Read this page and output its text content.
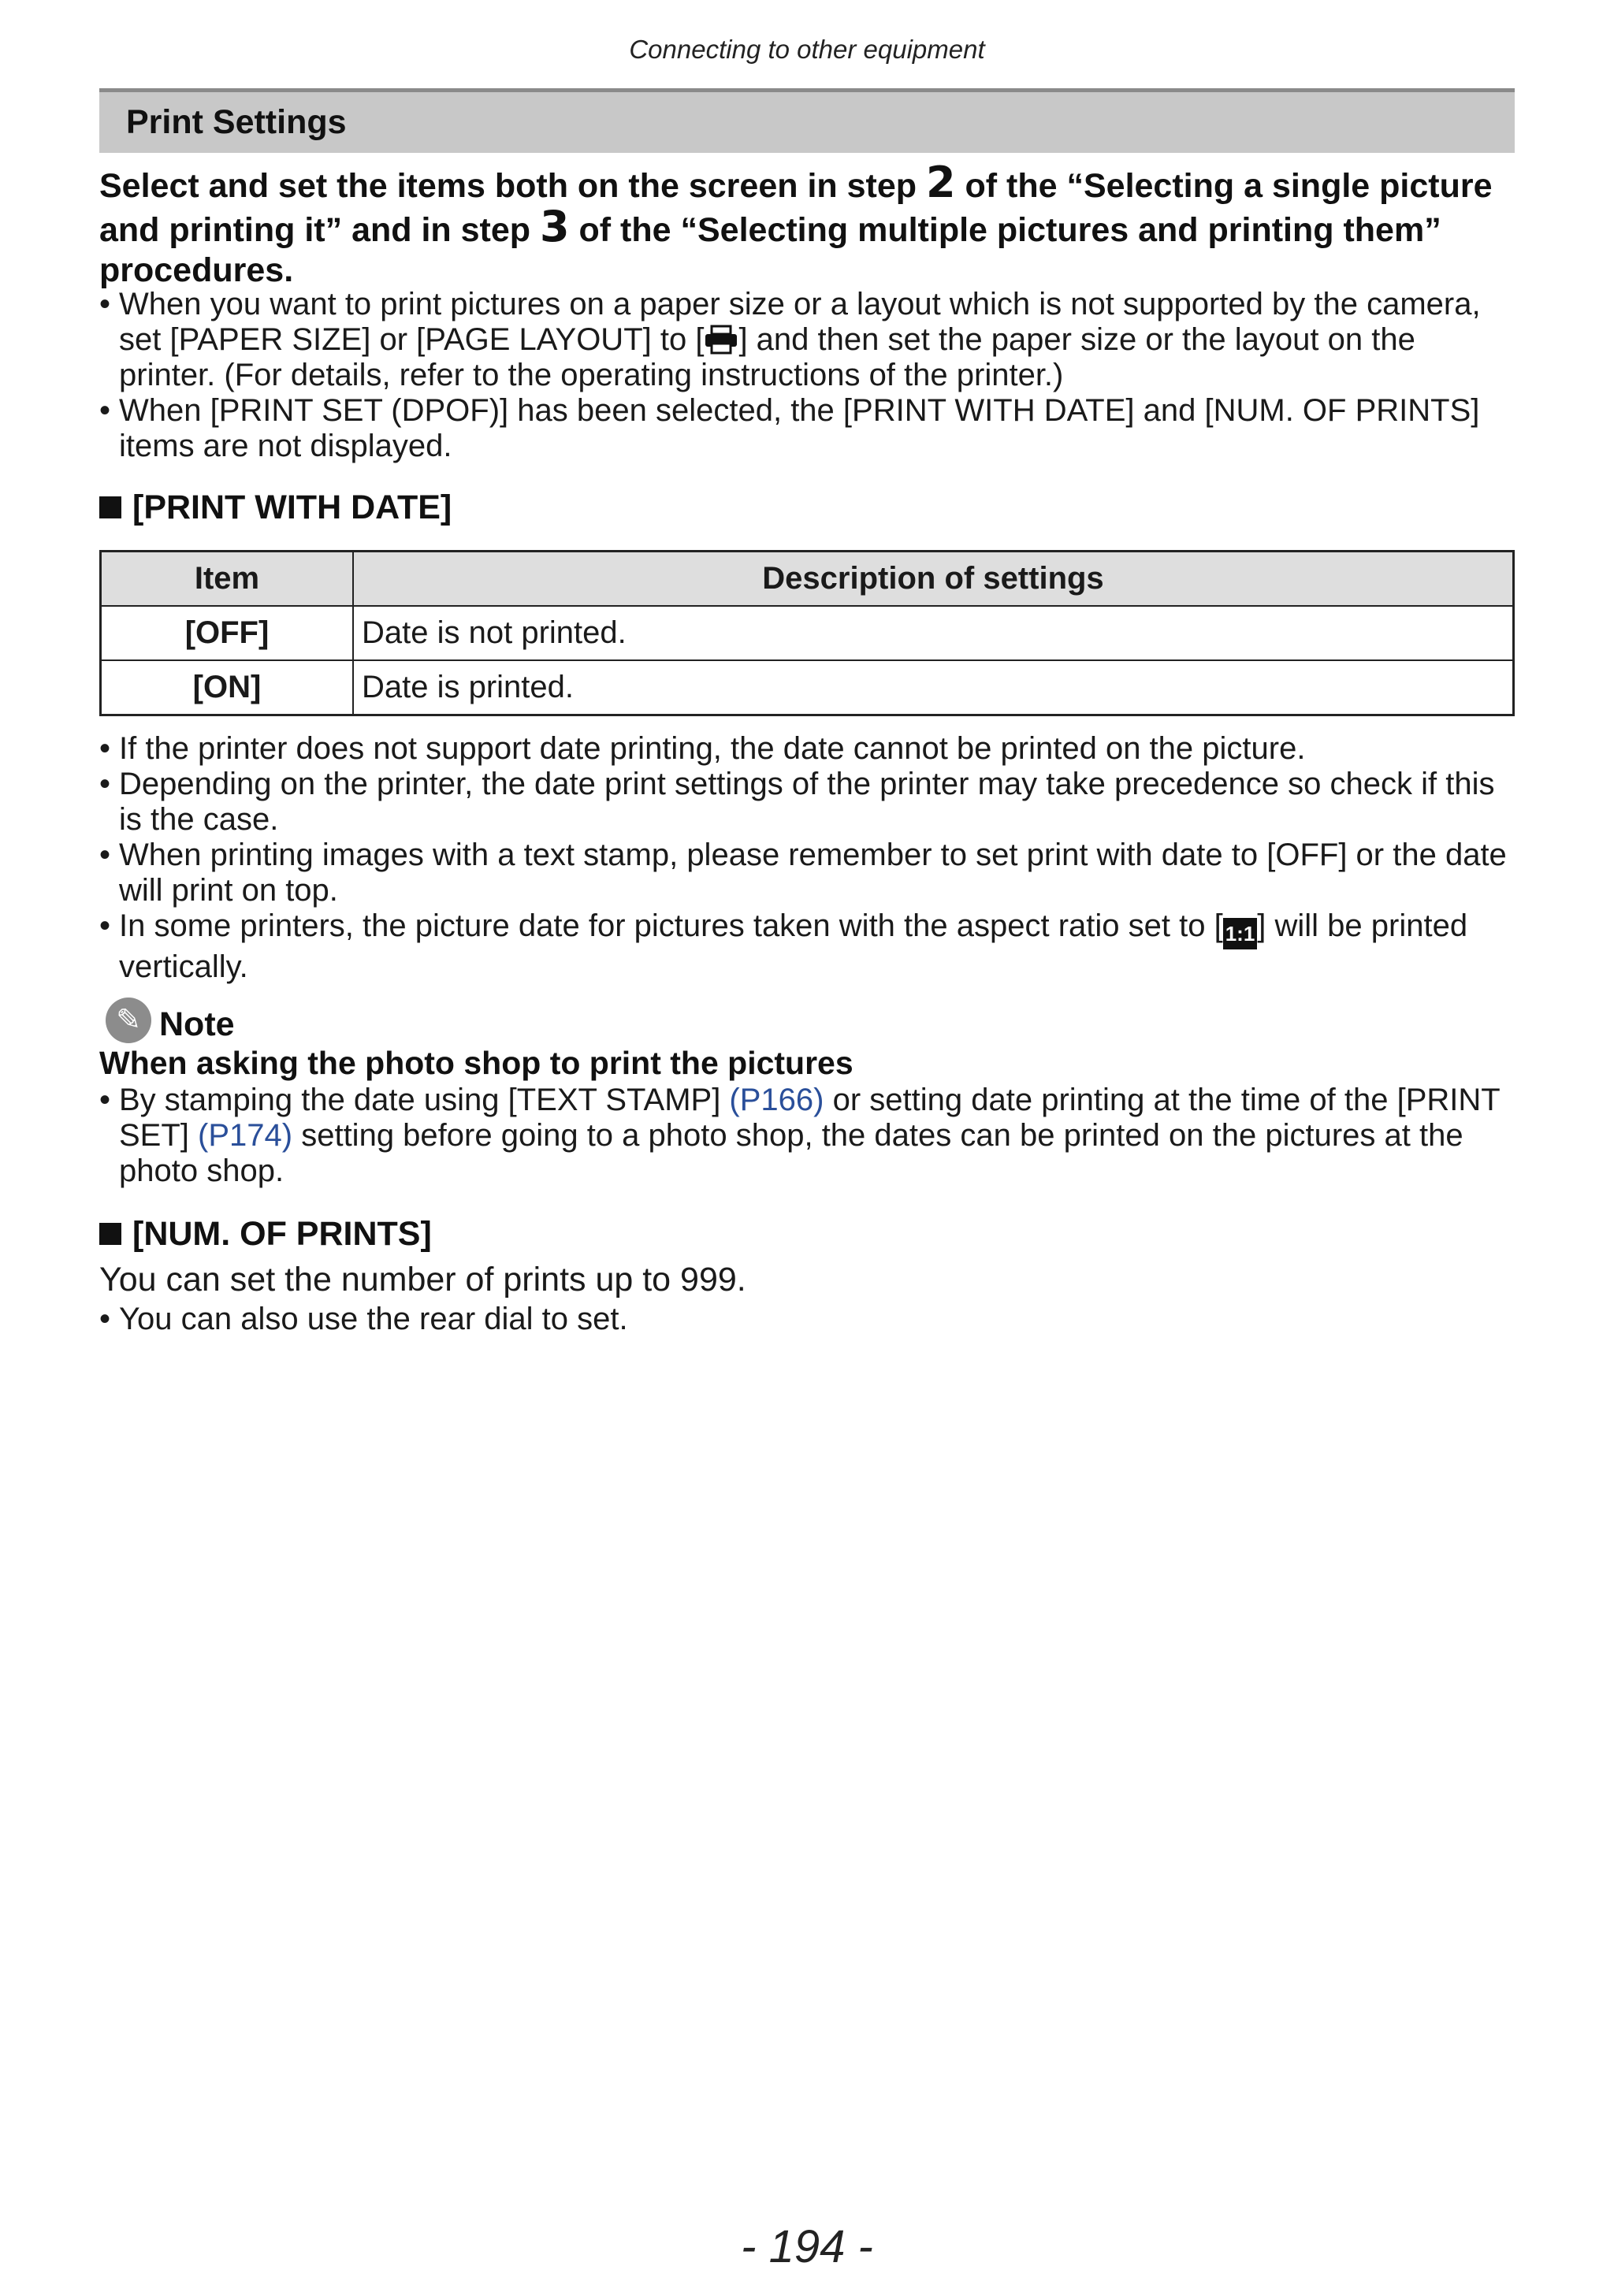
Connecting to other equipment
Print Settings
Select and set the items both on the screen in step 2 of the “Selecting a single picture and printing it” and in step 3 of the “Selecting multiple pictures and printing them” procedures.
• When you want to print pictures on a paper size or a layout which is not supported by the camera, set [PAPER SIZE] or [PAGE LAYOUT] to [ ] and then set the paper size or the layout on the printer. (For details, refer to the operating instructions of the printer.)
• When [PRINT SET (DPOF)] has been selected, the [PRINT WITH DATE] and [NUM. OF PRINTS] items are not displayed.
[PRINT WITH DATE]
Item	Description of settings
[OFF]	Date is not printed.
[ON]	Date is printed.
• If the printer does not support date printing, the date cannot be printed on the picture.
• Depending on the printer, the date print settings of the printer may take precedence so check if this is the case.
• When printing images with a text stamp, please remember to set print with date to [OFF] or the date will print on top.
• In some printers, the picture date for pictures taken with the aspect ratio set to [ 1:1] will be printed vertically.
✎ Note
When asking the photo shop to print the pictures
• By stamping the date using [TEXT STAMP] (P166) or setting date printing at the time of the [PRINT SET] (P174) setting before going to a photo shop, the dates can be printed on the pictures at the photo shop.
[NUM. OF PRINTS]
You can set the number of prints up to 999.
• You can also use the rear dial to set.
- 194 -
